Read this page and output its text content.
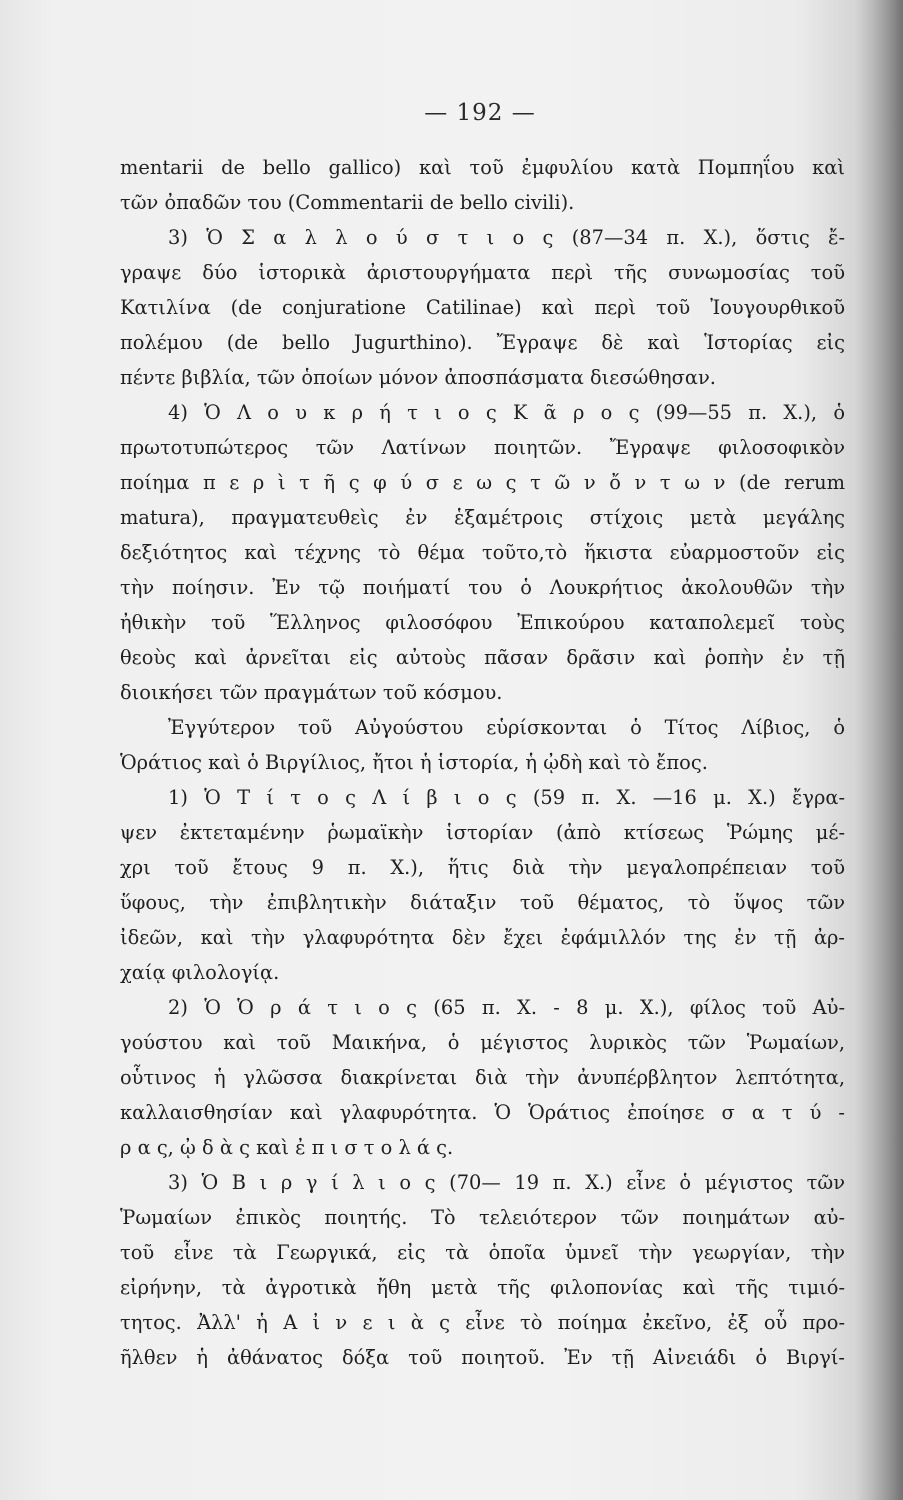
— 192 —
mentarii de bello gallico) καὶ τοῦ ἐμφυλίου κατὰ Πομπηΐου καὶ
τῶν ὀπαδῶν του (Commentarii de bello civili).
3) Ὁ Σ α λ λ ο ύ σ τ ι ο ς (87—34 π. Χ.), ὅστις ἔ-
γραψε δύο ἱστορικὰ ἀριστουργήματα περὶ τῆς συνωμοσίας τοῦ
Κατιλίνα (de conjuratione Catilinae) καὶ περὶ τοῦ Ἰουγουρθικοῦ
πολέμου (de bello Jugurthino). Ἔγραψε δὲ καὶ Ἱστορίας εἰς
πέντε βιβλία, τῶν ὁποίων μόνον ἀποσπάσματα διεσώθησαν.
4) Ὁ Λ ο υ κ ρ ή τ ι ο ς Κ ᾶ ρ ο ς (99—55 π. Χ.), ὁ
πρωτοτυπώτερος τῶν Λατίνων ποιητῶν. Ἔγραψε φιλοσοφικὸν
ποίημα π ε ρ ὶ τ ῆ ς φ ύ σ ε ω ς τ ῶ ν ὄ ν τ ω ν (de rerum
matura), πραγματευθεὶς ἐν ἑξαμέτροις στίχοις μετὰ μεγάλης
δεξιότητος καὶ τέχνης τὸ θέμα τοῦτο,τὸ ἥκιστα εὐαρμοστοῦν εἰς
τὴν ποίησιν. Ἐν τῷ ποιήματί του ὁ Λουκρήτιος ἀκολουθῶν τὴν
ἠθικὴν τοῦ Ἕλληνος φιλοσόφου Ἐπικούρου καταπολεμεῖ τοὺς
θεοὺς καὶ ἀρνεῖται εἰς αὐτοὺς πᾶσαν δρᾶσιν καὶ ῥοπὴν ἐν τῇ
διοικήσει τῶν πραγμάτων τοῦ κόσμου.
Ἐγγύτερον τοῦ Αὐγούστου εὑρίσκονται ὁ Τίτος Λίβιος, ὁ
Ὁράτιος καὶ ὁ Βιργίλιος, ἤτοι ἡ ἱστορία, ἡ ᾠδὴ καὶ τὸ ἔπος.
1) Ὁ Τ ί τ ο ς Λ ί β ι ο ς (59 π. Χ. —16 μ. Χ.) ἔγρα-
ψεν ἐκτεταμένην ῥωμαϊκὴν ἱστορίαν (ἀπὸ κτίσεως Ῥώμης μέ-
χρι τοῦ ἔτους 9 π. Χ.), ἥτις διὰ τὴν μεγαλοπρέπειαν τοῦ
ὕφους, τὴν ἐπιβλητικὴν διάταξιν τοῦ θέματος, τὸ ὕψος τῶν
ἰδεῶν, καὶ τὴν γλαφυρότητα δὲν ἔχει ἐφάμιλλόν της ἐν τῇ ἀρ-
χαίᾳ φιλολογίᾳ.
2) Ὁ Ὁ ρ ά τ ι ο ς (65 π. Χ. - 8 μ. Χ.), φίλος τοῦ Αὐ-
γούστου καὶ τοῦ Μαικήνα, ὁ μέγιστος λυρικὸς τῶν Ῥωμαίων,
οὗτινος ἡ γλῶσσα διακρίνεται διὰ τὴν ἀνυπέρβλητον λεπτότητα,
καλλαισθησίαν καὶ γλαφυρότητα. Ὁ Ὁράτιος ἐποίησε σ α τ ύ -
ρ α ς, ᾠ δ ὰ ς καὶ ἐ π ι σ τ ο λ ά ς.
3) Ὁ Β ι ρ γ ί λ ι ο ς (70— 19 π. Χ.) εἶνε ὁ μέγιστος τῶν
Ῥωμαίων ἐπικὸς ποιητής. Τὸ τελειότερον τῶν ποιημάτων αὐ-
τοῦ εἶνε τὰ Γεωργικά, εἰς τὰ ὁποῖα ὑμνεῖ τὴν γεωργίαν, τὴν
εἰρήνην, τὰ ἀγροτικὰ ἤθη μετὰ τῆς φιλοπονίας καὶ τῆς τιμιό-
τητος. Ἀλλ' ἡ Α ἰ ν ε ι ὰ ς εἶνε τὸ ποίημα ἐκεῖνο, ἐξ οὗ προ-
ῆλθεν ἡ ἀθάνατος δόξα τοῦ ποιητοῦ. Ἐν τῇ Αἰνειάδι ὁ Βιργί-
